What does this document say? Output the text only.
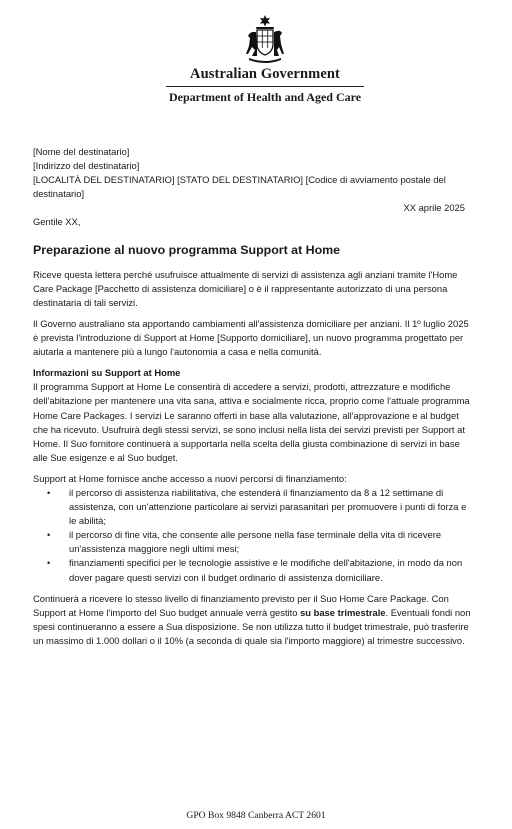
Australian Government
Department of Health and Aged Care

[Nome del destinatario]

[Indirizzo del destinatario]

[LOCALITÀ DEL DESTINATARIO] [STATO DEL DESTINATARIO] [Codice di avviamento postale del destinatario]

XX aprile 2025

Gentile XX,

Preparazione al nuovo programma Support at Home

Riceve questa lettera perché usufruisce attualmente di servizi di assistenza agli anziani tramite l'Home Care Package [Pacchetto di assistenza domiciliare] o è il rappresentante autorizzato di una persona destinataria di tali servizi.

Il Governo australiano sta apportando cambiamenti all'assistenza domiciliare per anziani. Il 1º luglio 2025 è prevista l'introduzione di Support at Home [Supporto domiciliare], un nuovo programma progettato per aiutarla a mantenere più a lungo l'autonomia a casa e nella comunità.

Informazioni su Support at Home

Il programma Support at Home Le consentirà di accedere a servizi, prodotti, attrezzature e modifiche dell'abitazione per mantenere una vita sana, attiva e socialmente ricca, proprio come l'attuale programma Home Care Packages. I servizi Le saranno offerti in base alla valutazione, all'approvazione e al budget che ha ricevuto. Usufruirà degli stessi servizi, se sono inclusi nella lista dei servizi previsti per Support at Home. Il Suo fornitore continuerà a supportarla nella scelta della giusta combinazione di servizi in base alle Sue esigenze e al Suo budget.

Support at Home fornisce anche accesso a nuovi percorsi di finanziamento:

• il percorso di assistenza riabilitativa, che estenderà il finanziamento da 8 a 12 settimane di assistenza, con un'attenzione particolare ai servizi parasanitari per promuovere i punti di forza e le abilità;
• il percorso di fine vita, che consente alle persone nella fase terminale della vita di ricevere un'assistenza maggiore negli ultimi mesi;
• finanziamenti specifici per le tecnologie assistive e le modifiche dell'abitazione, in modo da non dover pagare questi servizi con il budget ordinario di assistenza domiciliare.

Continuerà a ricevere lo stesso livello di finanziamento previsto per il Suo Home Care Package. Con Support at Home l'importo del Suo budget annuale verrà gestito su base trimestrale. Eventuali fondi non spesi continueranno a essere a Sua disposizione. Se non utilizza tutto il budget trimestrale, può trasferire un massimo di 1.000 dollari o il 10% (a seconda di quale sia l'importo maggiore) al trimestre successivo.

GPO Box 9848 Canberra ACT 2601
